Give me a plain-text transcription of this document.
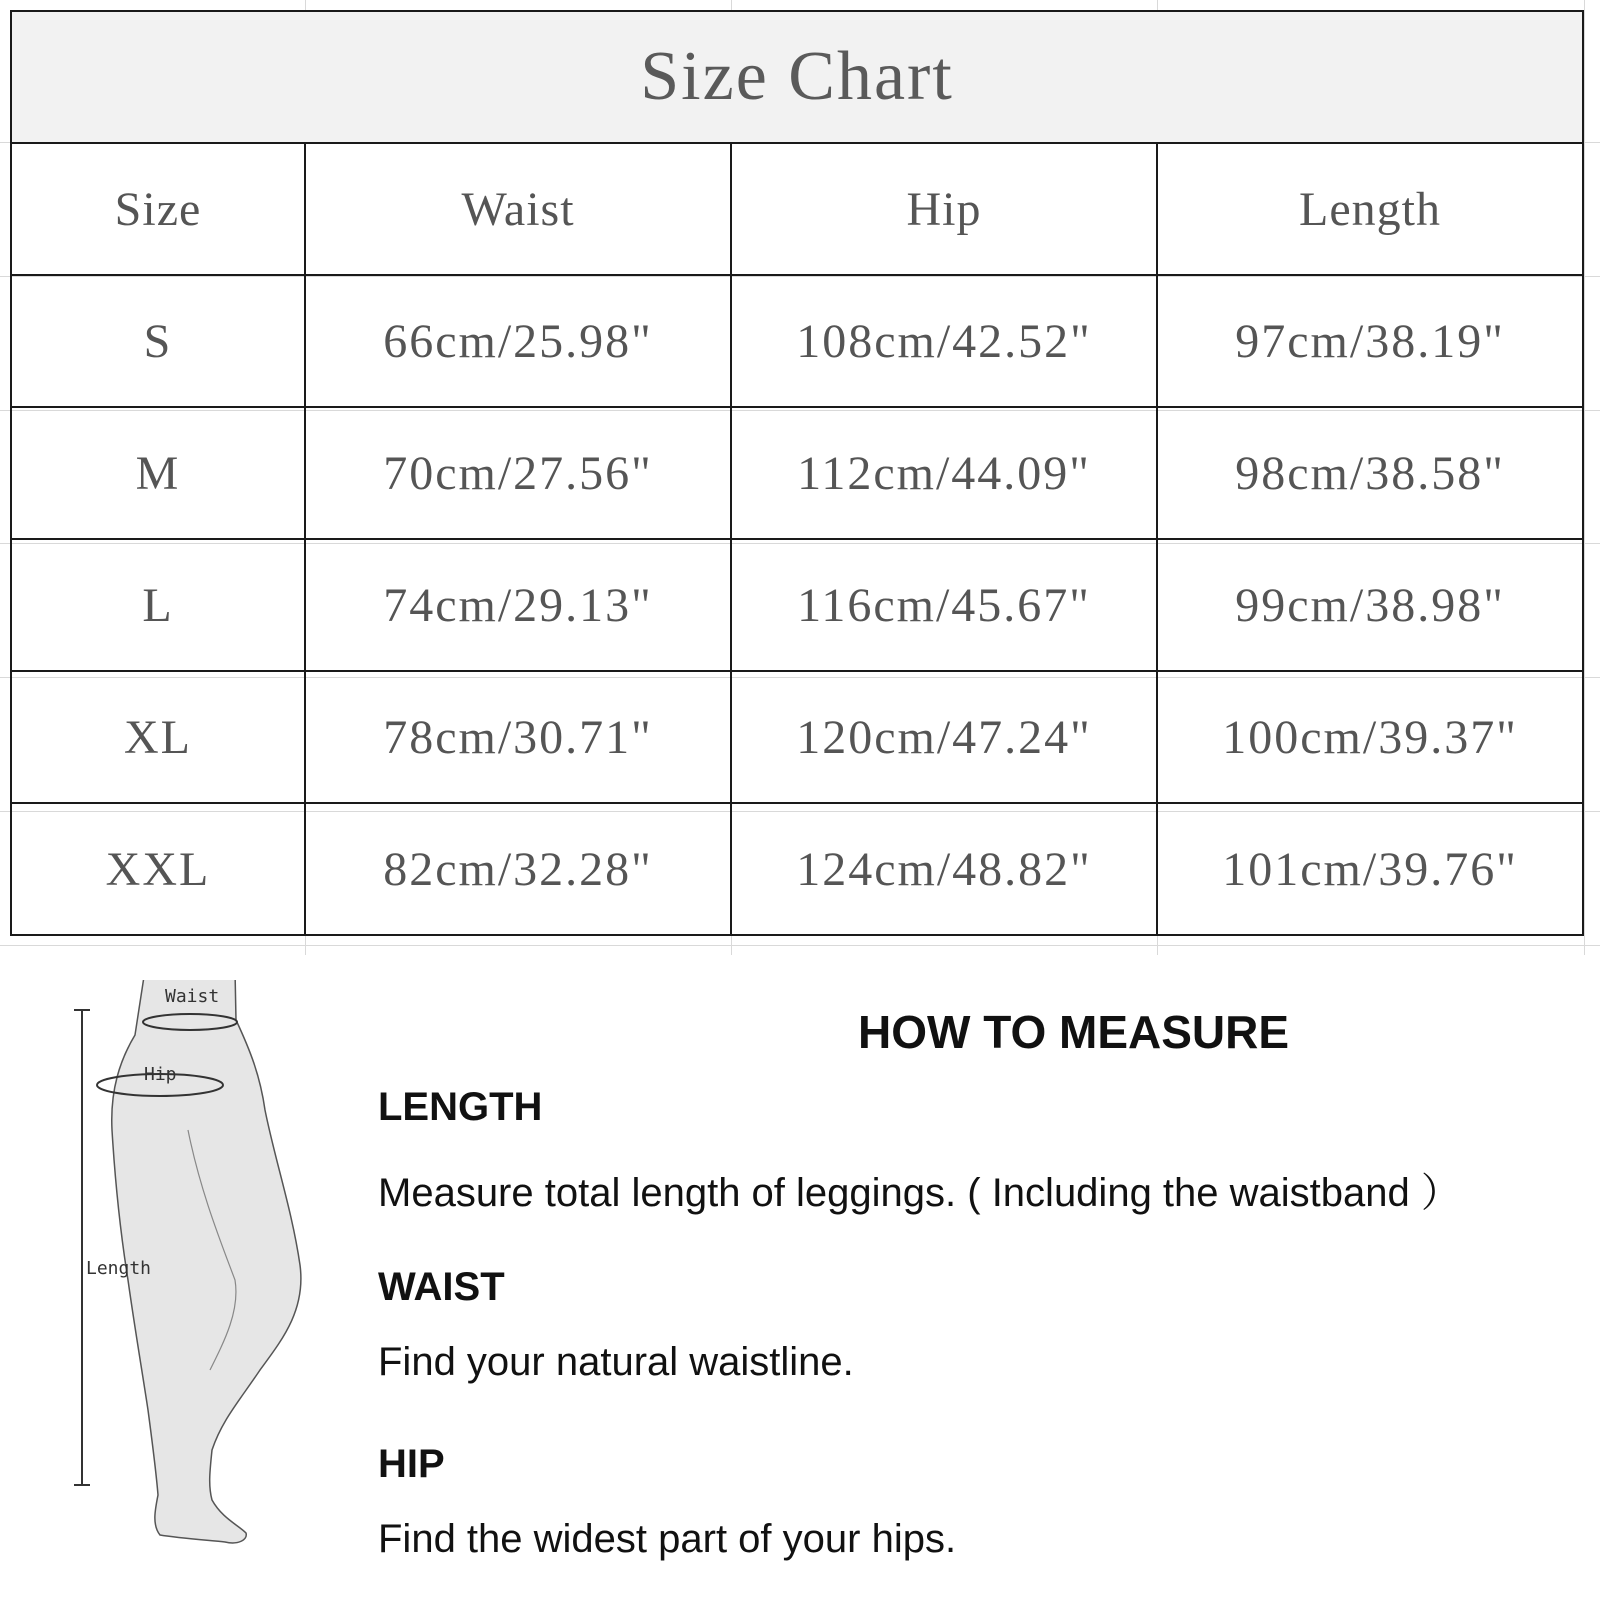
Size Chart			
Size	Waist	Hip	Length
S	66cm/25.98"	108cm/42.52"	97cm/38.19"
M	70cm/27.56"	112cm/44.09"	98cm/38.58"
L	74cm/29.13"	116cm/45.67"	99cm/38.98"
XL	78cm/30.71"	120cm/47.24"	100cm/39.37"
XXL	82cm/32.28"	124cm/48.82"	101cm/39.76"
Waist
Hip
Length
HOW TO MEASURE
LENGTH
Measure total length of leggings. ( Including the waistband ）
WAIST
Find your natural waistline.
HIP
Find the widest part of your hips.
